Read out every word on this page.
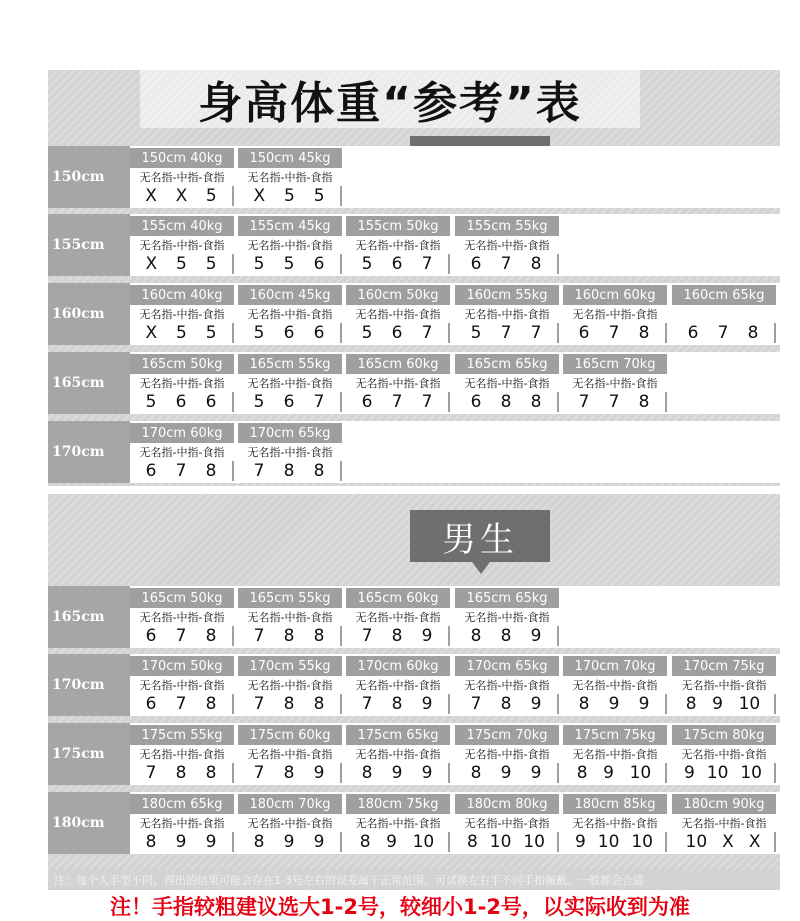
身高体重“参考”表
男生
150cm
150cm 40kg
无名指-中指-食指
X X 5
150cm 45kg
无名指-中指-食指
X 5 5
155cm
155cm 40kg
无名指-中指-食指
X 5 5
155cm 45kg
无名指-中指-食指
5 5 6
155cm 50kg
无名指-中指-食指
5 6 7
155cm 55kg
无名指-中指-食指
6 7 8
160cm
160cm 40kg
无名指-中指-食指
X 5 5
160cm 45kg
无名指-中指-食指
5 6 6
160cm 50kg
无名指-中指-食指
5 6 7
160cm 55kg
无名指-中指-食指
5 7 7
160cm 60kg
无名指-中指-食指
6 7 8
160cm 65kg
6 7 8
165cm
165cm 50kg
无名指-中指-食指
5 6 6
165cm 55kg
无名指-中指-食指
5 6 7
165cm 60kg
无名指-中指-食指
6 7 7
165cm 65kg
无名指-中指-食指
6 8 8
165cm 70kg
无名指-中指-食指
7 7 8
170cm
170cm 60kg
无名指-中指-食指
6 7 8
170cm 65kg
无名指-中指-食指
7 8 8
165cm
165cm 50kg
无名指-中指-食指
6 7 8
165cm 55kg
无名指-中指-食指
7 8 8
165cm 60kg
无名指-中指-食指
7 8 9
165cm 65kg
无名指-中指-食指
8 8 9
170cm
170cm 50kg
无名指-中指-食指
6 7 8
170cm 55kg
无名指-中指-食指
7 8 8
170cm 60kg
无名指-中指-食指
7 8 9
170cm 65kg
无名指-中指-食指
7 8 9
170cm 70kg
无名指-中指-食指
8 9 9
170cm 75kg
无名指-中指-食指
8 9 10
175cm
175cm 55kg
无名指-中指-食指
7 8 8
175cm 60kg
无名指-中指-食指
7 8 9
175cm 65kg
无名指-中指-食指
8 9 9
175cm 70kg
无名指-中指-食指
8 9 9
175cm 75kg
无名指-中指-食指
8 9 10
175cm 80kg
无名指-中指-食指
9 10 10
180cm
180cm 65kg
无名指-中指-食指
8 9 9
180cm 70kg
无名指-中指-食指
8 9 9
180cm 75kg
无名指-中指-食指
8 9 10
180cm 80kg
无名指-中指-食指
8 10 10
180cm 85kg
无名指-中指-食指
9 10 10
180cm 90kg
无名指-中指-食指
10 X X
注：每个人手型不同，得出的结果可能会存在1-3号左右的误差属于正常范围，可试换左右手不同手指佩戴。一般都会合适
注！手指较粗建议选大1-2号，较细小1-2号，以实际收到为准
